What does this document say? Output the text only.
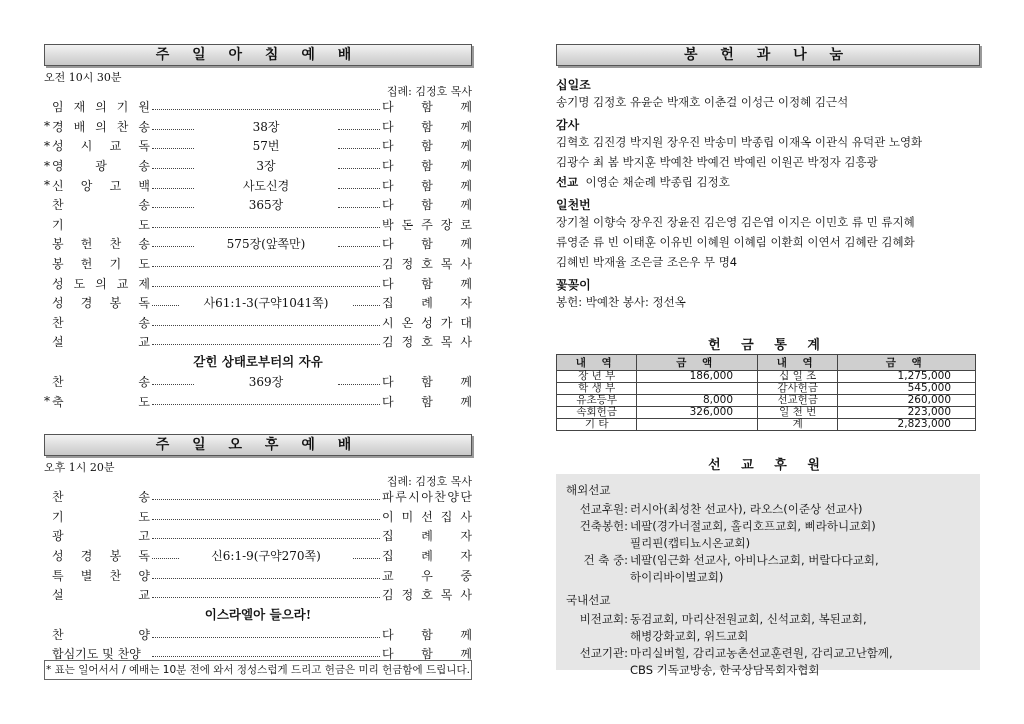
주 일 아 침 예 배
오전 10시 30분
집례: 김정호 목사
임 재 의 기 원	다 함 께
* 경 배 의 찬 송	38장	다 함 께
* 성 시 교 독	57번	다 함 께
* 영	광	송	3장	다 함 께
* 신 앙 고 백	사도신경	다 함 께
찬	송	365장	다 함 께
기	도	박 돈 주 장 로
봉 헌 찬 송	575장(앞쪽만)	다 함 께
봉 헌 기 도	김 정 호 목 사
성 도 의 교 제	다 함 께
성 경 봉 독	사61:1-3(구약1041쪽)	집 례 자
찬	송	시 온 성 가 대
설	교	김 정 호 목 사
갇힌 상태로부터의 자유
찬	송	369장	다 함 께
* 축	도	다 함 께
주 일 오 후 예 배
오후 1시 20분
집례: 김정호 목사
찬	송	파 루 시 아 찬 양 단
기	도	이 미 선 집 사
광	고	집 례 자
성 경 봉 독	신6:1-9(구약270쪽)	집 례 자
특 별 찬 양	교 우 중
설	교	김 정 호 목 사
이스라엘아 들으라!
찬	양	다 함 께
합심기도 및 찬양	다 함 께
* 표는 일어서서 / 예배는 10분 전에 와서 정성스럽게 드리고 헌금은 미리 헌금함에 드립니다.
봉 헌 과 나 눔
십일조
송기명 김정호 유윤순 박재호 이춘걸 이성근 이정혜 김근석
감사
김혁호 김진경 박지원 장우진 박송미 박종립 이재옥 이관식 유덕관 노영화
김광수 최 봄 박지훈 박예찬 박예건 박예린 이원곤 박정자 김흥광
선교 이영순 채순례 박종립 김정호
일천번
장기철 이향숙 장우진 장윤진 김은영 김은엽 이지은 이민호 류 민 류지혜
류영준 류 빈 이태훈 이유빈 이혜원 이혜림 이환희 이연서 김혜란 김혜화
김혜빈 박재율 조은글 조은우 무 명4
꽃꽂이
봉헌: 박예찬 봉사: 정선옥
헌 금 통 계
내 역	금 액	내 역	금 액
장 년 부	186,000	십 일 조	1,275,000
학 생 부		감사헌금	545,000
유초등부	8,000	선교헌금	260,000
속회헌금	326,000	일 천 번	223,000
기 타		계	2,823,000
선 교 후 원
해외선교
선교후원: 러시아(최성찬 선교사), 라오스(이준상 선교사)
건축봉헌: 네팔(경가너절교회, 홀리호프교회, 삐라하니교회)
필리핀(캡티뇨시온교회)
건 축 중: 네팔(임근화 선교사, 아비나스교회, 버랄다다교회,
하이리바이벌교회)
국내선교
비전교회: 동검교회, 마리산전원교회, 신석교회, 복된교회,
해병강화교회, 위드교회
선교기관: 마리실버힐, 감리교농촌선교훈련원, 감리교고난함께,
CBS 기독교방송, 한국상담목회자협회
